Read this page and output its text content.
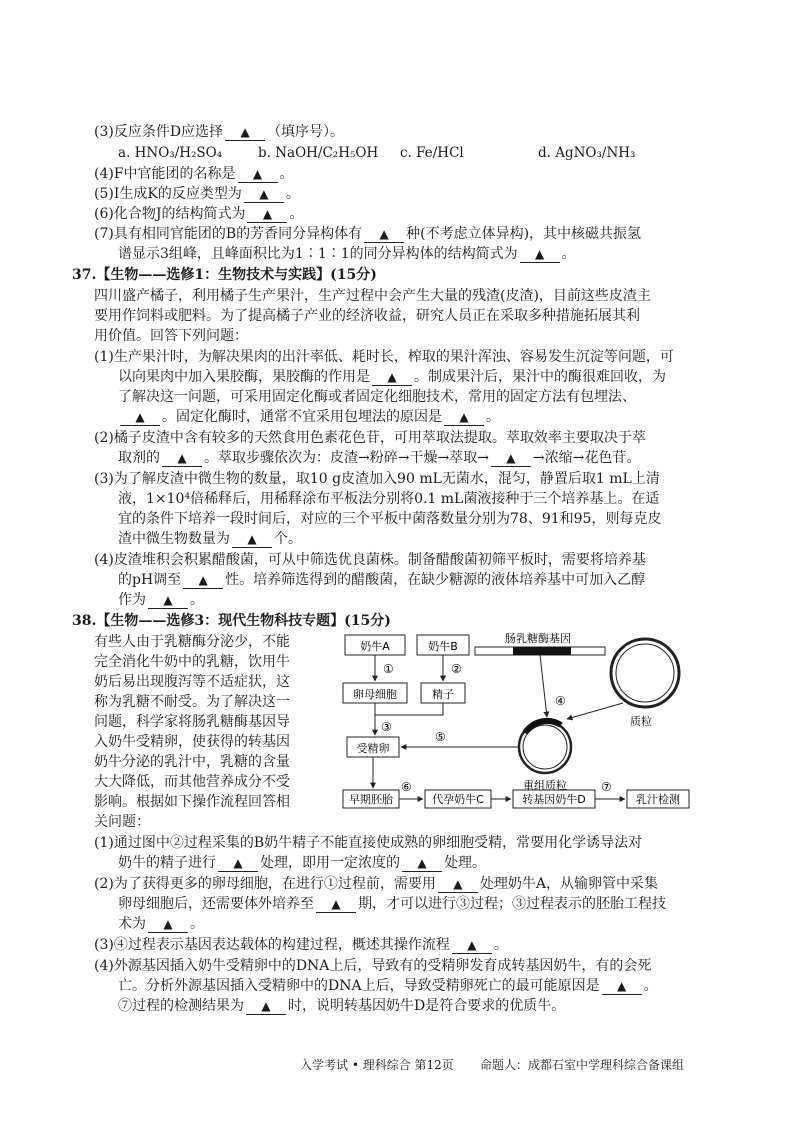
(3)反应条件D应选择 ▲ （填序号）。
a. HNO₃/H₂SO₄	b. NaOH/C₂H₅OH c. Fe/HCl	d. AgNO₃/NH₃
(4)F中官能团的名称是 ▲ 。
(5)I生成K的反应类型为 ▲ 。
(6)化合物J的结构简式为 ▲ 。
(7)具有相同官能团的B的芳香同分异构体有 ▲ 种(不考虑立体异构)，其中核磁共振氢
谱显示3组峰，且峰面积比为1∶1∶1的同分异构体的结构简式为 ▲ 。
37.【生物——选修1：生物技术与实践】(15分)
四川盛产橘子，利用橘子生产果汁，生产过程中会产生大量的残渣(皮渣)，目前这些皮渣主
要用作饲料或肥料。为了提高橘子产业的经济收益，研究人员正在采取多种措施拓展其利
用价值。回答下列问题：
(1)生产果汁时，为解决果肉的出汁率低、耗时长，榨取的果汁浑浊、容易发生沉淀等问题，可
以向果肉中加入果胶酶，果胶酶的作用是 ▲ 。制成果汁后，果汁中的酶很难回收，为
了解决这一问题，可采用固定化酶或者固定化细胞技术，常用的固定方法有包埋法、
▲ 。固定化酶时，通常不宜采用包埋法的原因是 ▲ 。
(2)橘子皮渣中含有较多的天然食用色素花色苷，可用萃取法提取。萃取效率主要取决于萃
取剂的 ▲ 。萃取步骤依次为：皮渣→粉碎→干燥→萃取→ ▲ →浓缩→花色苷。
(3)为了解皮渣中微生物的数量，取10 g皮渣加入90 mL无菌水，混匀，静置后取1 mL上清
液，1×10⁴倍稀释后，用稀释涂布平板法分别将0.1 mL菌液接种于三个培养基上。在适
宜的条件下培养一段时间后，对应的三个平板中菌落数量分别为78、91和95，则每克皮
渣中微生物数量为 ▲ 个。
(4)皮渣堆积会积累醋酸菌，可从中筛选优良菌株。制备醋酸菌初筛平板时，需要将培养基
的pH调至 ▲ 性。培养筛选得到的醋酸菌，在缺少糖源的液体培养基中可加入乙醇
作为 ▲ 。
38.【生物——选修3：现代生物科技专题】(15分)
有些人由于乳糖酶分泌少，不能
完全消化牛奶中的乳糖，饮用牛
奶后易出现腹泻等不适症状，这
称为乳糖不耐受。为了解决这一
问题，科学家将肠乳糖酶基因导
入奶牛受精卵，使获得的转基因
奶牛分泌的乳汁中，乳糖的含量
大大降低，而其他营养成分不受
影响。根据如下操作流程回答相
关问题：
奶牛A	奶牛B
①	②
卵母细胞	精子
③
受精卵
肠乳糖酶基因
质粒
④
重组质粒
⑤
早期胚胎
⑥
代孕奶牛C	转基因奶牛D
⑦
乳汁检测
(1)通过图中②过程采集的B奶牛精子不能直接使成熟的卵细胞受精，常要用化学诱导法对
奶牛的精子进行 ▲ 处理，即用一定浓度的 ▲ 处理。
(2)为了获得更多的卵母细胞，在进行①过程前，需要用 ▲ 处理奶牛A，从输卵管中采集
卵母细胞后，还需要体外培养至 ▲ 期，才可以进行③过程；③过程表示的胚胎工程技
术为 ▲ 。
(3)④过程表示基因表达载体的构建过程，概述其操作流程 ▲ 。
(4)外源基因插入奶牛受精卵中的DNA上后，导致有的受精卵发育成转基因奶牛，有的会死
亡。分析外源基因插入受精卵中的DNA上后，导致受精卵死亡的最可能原因是 ▲ 。
⑦过程的检测结果为 ▲ 时，说明转基因奶牛D是符合要求的优质牛。
入学考试 • 理科综合 第12页 命题人：成都石室中学理科综合备课组
